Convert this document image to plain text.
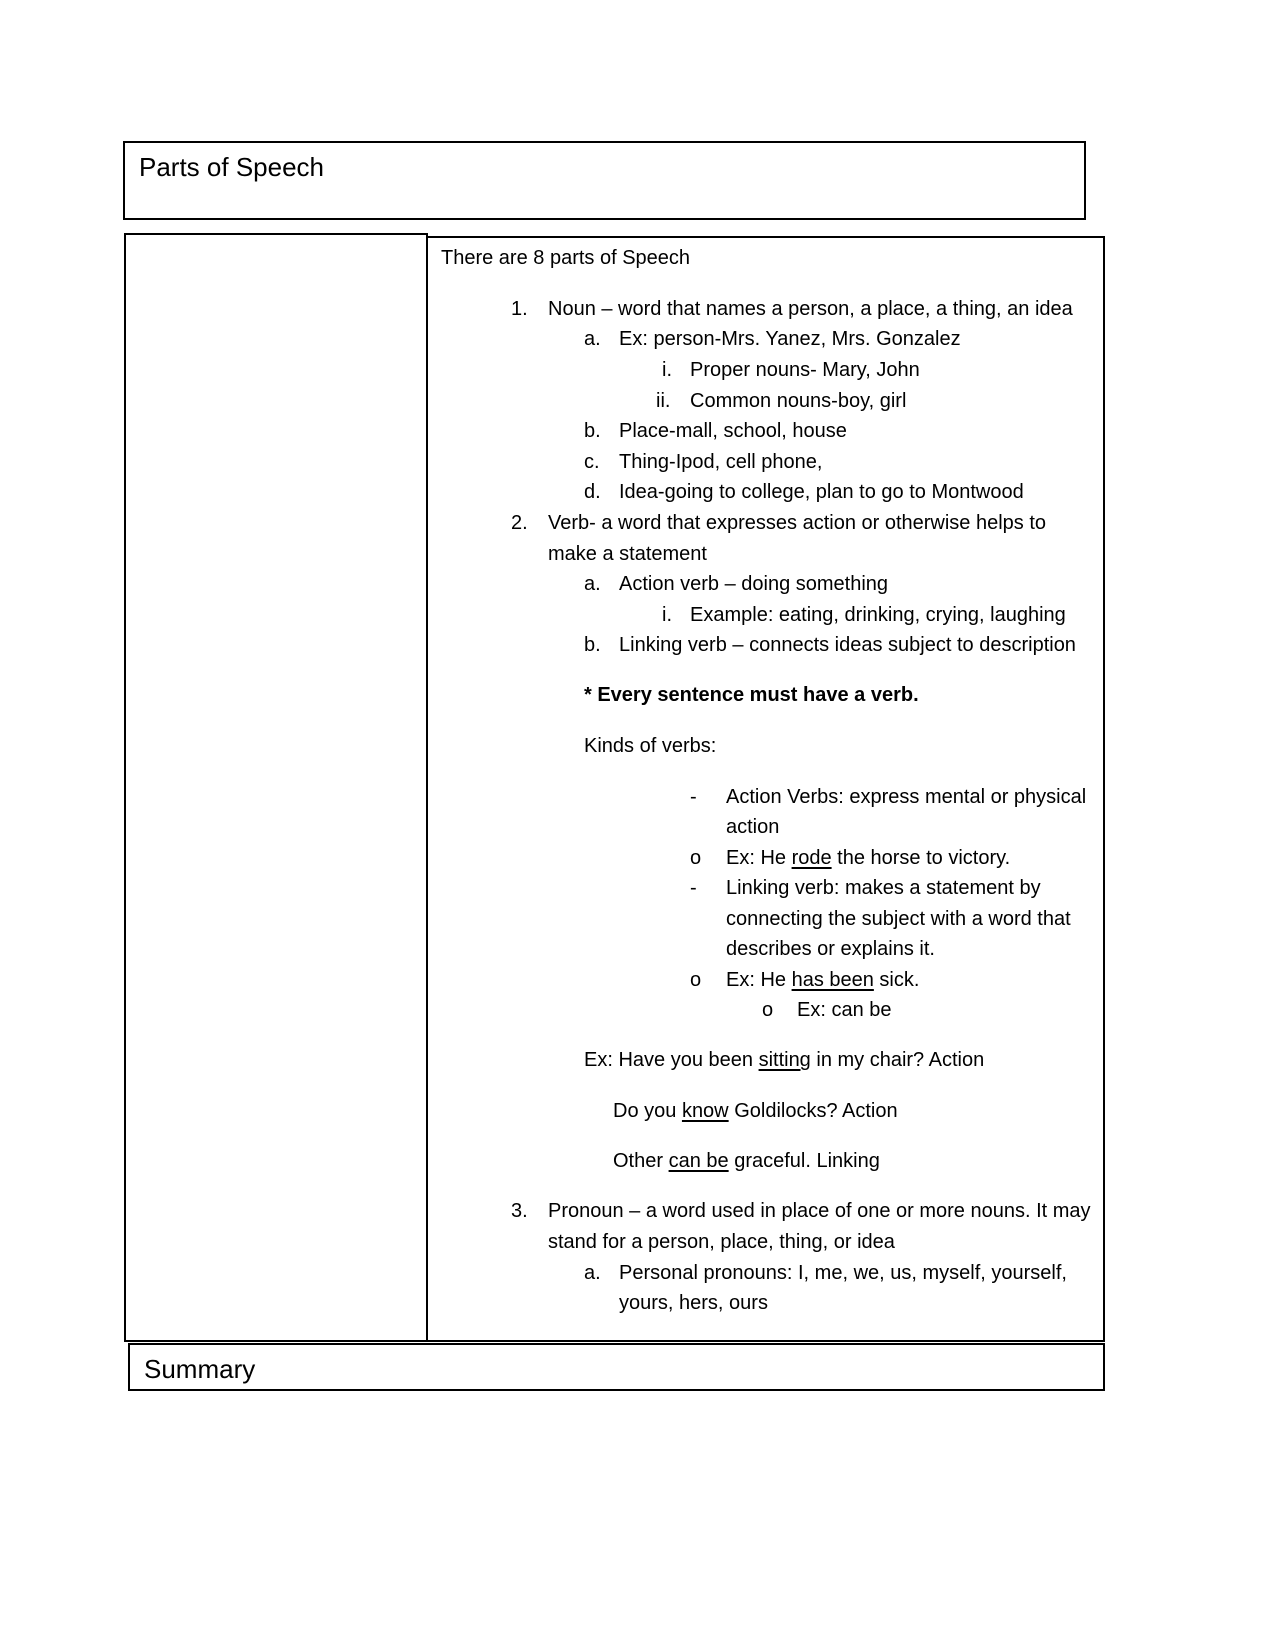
Parts of Speech
There are 8 parts of Speech
1. Noun – word that names a person, a place, a thing, an idea
a. Ex: person-Mrs. Yanez, Mrs. Gonzalez
i. Proper nouns- Mary, John
ii. Common nouns-boy, girl
b. Place-mall, school, house
c. Thing-Ipod, cell phone,
d. Idea-going to college, plan to go to Montwood
2. Verb- a word that expresses action or otherwise helps to
make a statement
a. Action verb – doing something
i. Example: eating, drinking, crying, laughing
b. Linking verb – connects ideas subject to description
* Every sentence must have a verb.
Kinds of verbs:
- Action Verbs: express mental or physical
action
o Ex: He rode the horse to victory.
- Linking verb: makes a statement by
connecting the subject with a word that
describes or explains it.
o Ex: He has been sick.
o Ex: can be
Ex: Have you been sitting in my chair? Action
Do you know Goldilocks? Action
Other can be graceful. Linking
3. Pronoun – a word used in place of one or more nouns. It may
stand for a person, place, thing, or idea
a. Personal pronouns: I, me, we, us, myself, yourself,
yours, hers, ours
Summary
